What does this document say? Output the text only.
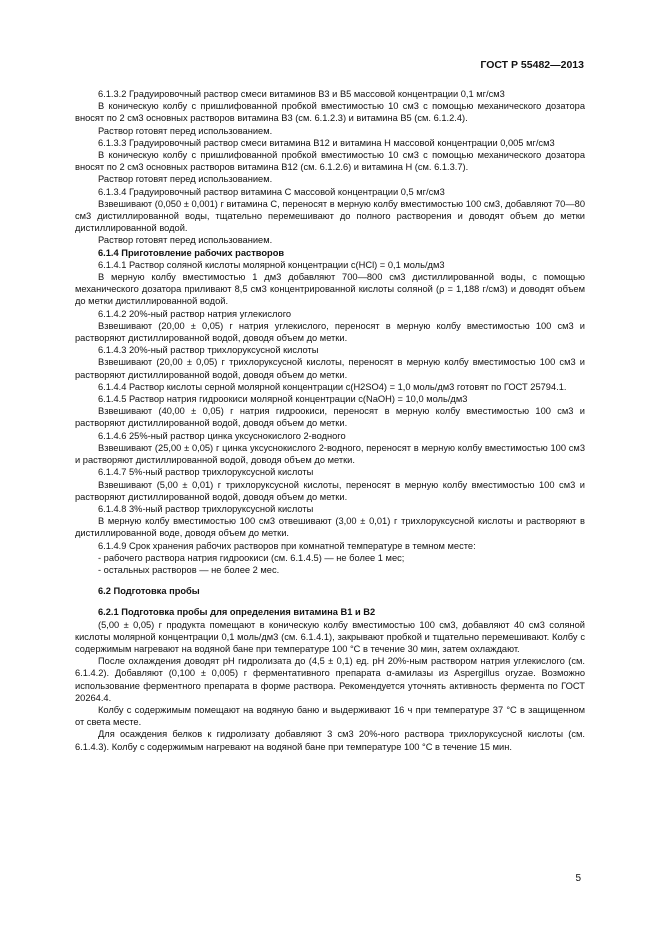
ГОСТ Р 55482—2013

6.1.3.2 Градуировочный раствор смеси витаминов B3 и B5 массовой концентрации 0,1 мг/см3

В коническую колбу с пришлифованной пробкой вместимостью 10 см3 с помощью механического дозатора вносят по 2 см3 основных растворов витамина B3 (см. 6.1.2.3) и витамина B5 (см. 6.1.2.4).

Раствор готовят перед использованием.

6.1.3.3 Градуировочный раствор смеси витамина B12 и витамина H массовой концентрации 0,005 мг/см3

В коническую колбу с пришлифованной пробкой вместимостью 10 см3 с помощью механического дозатора вносят по 2 см3 основных растворов витамина B12 (см. 6.1.2.6) и витамина H (см. 6.1.3.7).

Раствор готовят перед использованием.

6.1.3.4 Градуировочный раствор витамина C массовой концентрации 0,5 мг/см3

Взвешивают (0,050 ± 0,001) г витамина C, переносят в мерную колбу вместимостью 100 см3, добавляют 70—80 см3 дистиллированной воды, тщательно перемешивают до полного растворения и доводят объем до метки дистиллированной водой.

Раствор готовят перед использованием.

6.1.4 Приготовление рабочих растворов

6.1.4.1 Раствор соляной кислоты молярной концентрации c(HCl) = 0,1 моль/дм3

В мерную колбу вместимостью 1 дм3 добавляют 700—800 см3 дистиллированной воды, с помощью механического дозатора приливают 8,5 см3 концентрированной кислоты соляной (ρ = 1,188 г/см3) и доводят объем до метки дистиллированной водой.

6.1.4.2 20%-ный раствор натрия углекислого

Взвешивают (20,00 ± 0,05) г натрия углекислого, переносят в мерную колбу вместимостью 100 см3 и растворяют дистиллированной водой, доводя объем до метки.

6.1.4.3 20%-ный раствор трихлоруксусной кислоты

Взвешивают (20,00 ± 0,05) г трихлоруксусной кислоты, переносят в мерную колбу вместимостью 100 см3 и растворяют дистиллированной водой, доводя объем до метки.

6.1.4.4 Раствор кислоты серной молярной концентрации c(H2SO4) = 1,0 моль/дм3 готовят по ГОСТ 25794.1.

6.1.4.5 Раствор натрия гидроокиси молярной концентрации c(NaOH) = 10,0 моль/дм3

Взвешивают (40,00 ± 0,05) г натрия гидроокиси, переносят в мерную колбу вместимостью 100 см3 и растворяют дистиллированной водой, доводя объем до метки.

6.1.4.6 25%-ный раствор цинка уксуснокислого 2-водного

Взвешивают (25,00 ± 0,05) г цинка уксуснокислого 2-водного, переносят в мерную колбу вместимостью 100 см3 и растворяют дистиллированной водой, доводя объем до метки.

6.1.4.7 5%-ный раствор трихлоруксусной кислоты

Взвешивают (5,00 ± 0,01) г трихлоруксусной кислоты, переносят в мерную колбу вместимостью 100 см3 и растворяют дистиллированной водой, доводя объем до метки.

6.1.4.8 3%-ный раствор трихлоруксусной кислоты

В мерную колбу вместимостью 100 см3 отвешивают (3,00 ± 0,01) г трихлоруксусной кислоты и растворяют в дистиллированной воде, доводя объем до метки.

6.1.4.9 Срок хранения рабочих растворов при комнатной температуре в темном месте:

- рабочего раствора натрия гидроокиси (см. 6.1.4.5) — не более 1 мес;

- остальных растворов — не более 2 мес.

6.2 Подготовка пробы

6.2.1 Подготовка пробы для определения витамина B1 и B2

(5,00 ± 0,05) г продукта помещают в коническую колбу вместимостью 100 см3, добавляют 40 см3 соляной кислоты молярной концентрации 0,1 моль/дм3 (см. 6.1.4.1), закрывают пробкой и тщательно перемешивают. Колбу с содержимым нагревают на водяной бане при температуре 100 °C в течение 30 мин, затем охлаждают.

После охлаждения доводят pH гидролизата до (4,5 ± 0,1) ед. pH 20%-ным раствором натрия углекислого (см. 6.1.4.2). Добавляют (0,100 ± 0,005) г ферментативного препарата α-амилазы из Aspergillus oryzae. Возможно использование ферментного препарата в форме раствора. Рекомендуется уточнять активность фермента по ГОСТ 20264.4.

Колбу с содержимым помещают на водяную баню и выдерживают 16 ч при температуре 37 °C в защищенном от света месте.

Для осаждения белков к гидролизату добавляют 3 см3 20%-ного раствора трихлоруксусной кислоты (см. 6.1.4.3). Колбу с содержимым нагревают на водяной бане при температуре 100 °C в течение 15 мин.

5
